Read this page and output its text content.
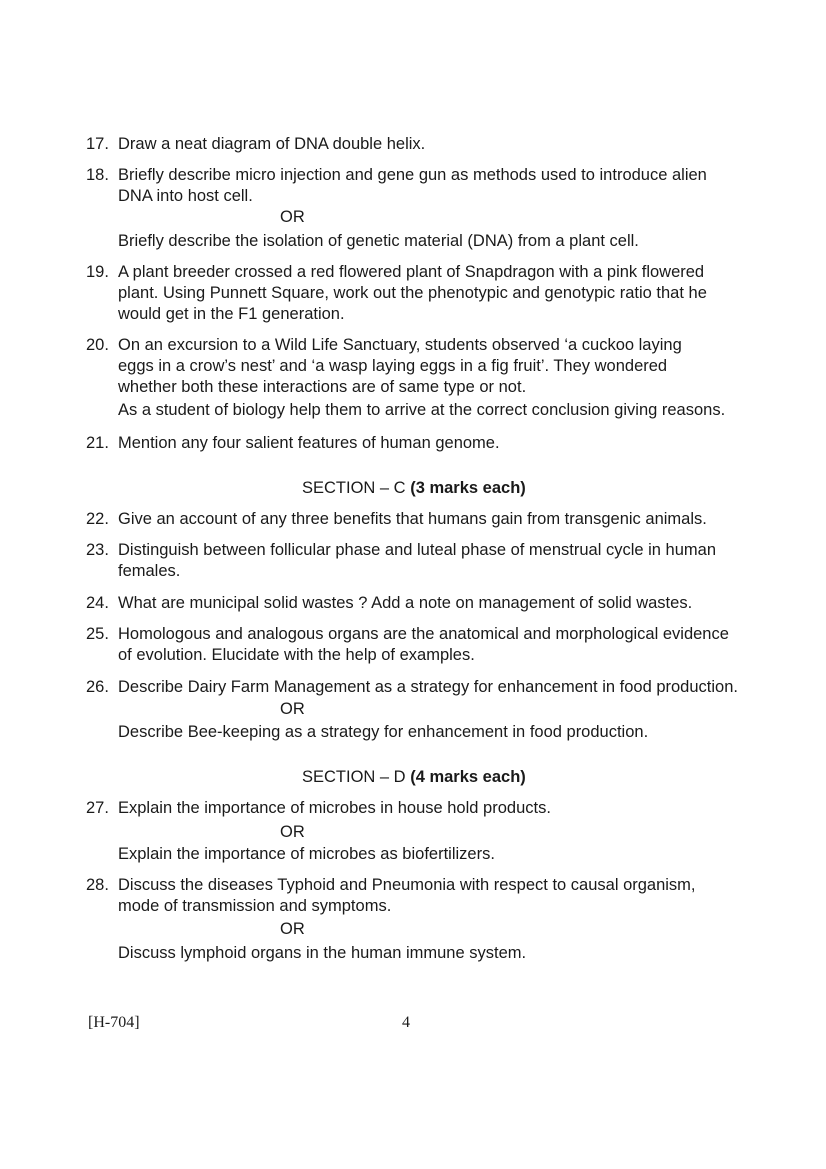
17. Draw a neat diagram of DNA double helix.
18. Briefly describe micro injection and gene gun as methods used to introduce alien
DNA into host cell.
OR
Briefly describe the isolation of genetic material (DNA) from a plant cell.
19. A plant breeder crossed a red flowered plant of Snapdragon with a pink flowered
plant. Using Punnett Square, work out the phenotypic and genotypic ratio that he
would get in the F1 generation.
20. On an excursion to a Wild Life Sanctuary, students observed ‘a cuckoo laying
eggs in a crow’s nest’ and ‘a wasp laying eggs in a fig fruit’. They wondered
whether both these interactions are of same type or not.
As a student of biology help them to arrive at the correct conclusion giving reasons.
21. Mention any four salient features of human genome.
SECTION – C (3 marks each)
22. Give an account of any three benefits that humans gain from transgenic animals.
23. Distinguish between follicular phase and luteal phase of menstrual cycle in human
females.
24. What are municipal solid wastes ? Add a note on management of solid wastes.
25. Homologous and analogous organs are the anatomical and morphological evidence
of evolution. Elucidate with the help of examples.
26. Describe Dairy Farm Management as a strategy for enhancement in food production.
OR
Describe Bee-keeping as a strategy for enhancement in food production.
SECTION – D (4 marks each)
27. Explain the importance of microbes in house hold products.
OR
Explain the importance of microbes as biofertilizers.
28. Discuss the diseases Typhoid and Pneumonia with respect to causal organism,
mode of transmission and symptoms.
OR
Discuss lymphoid organs in the human immune system.
[H-704]	4
